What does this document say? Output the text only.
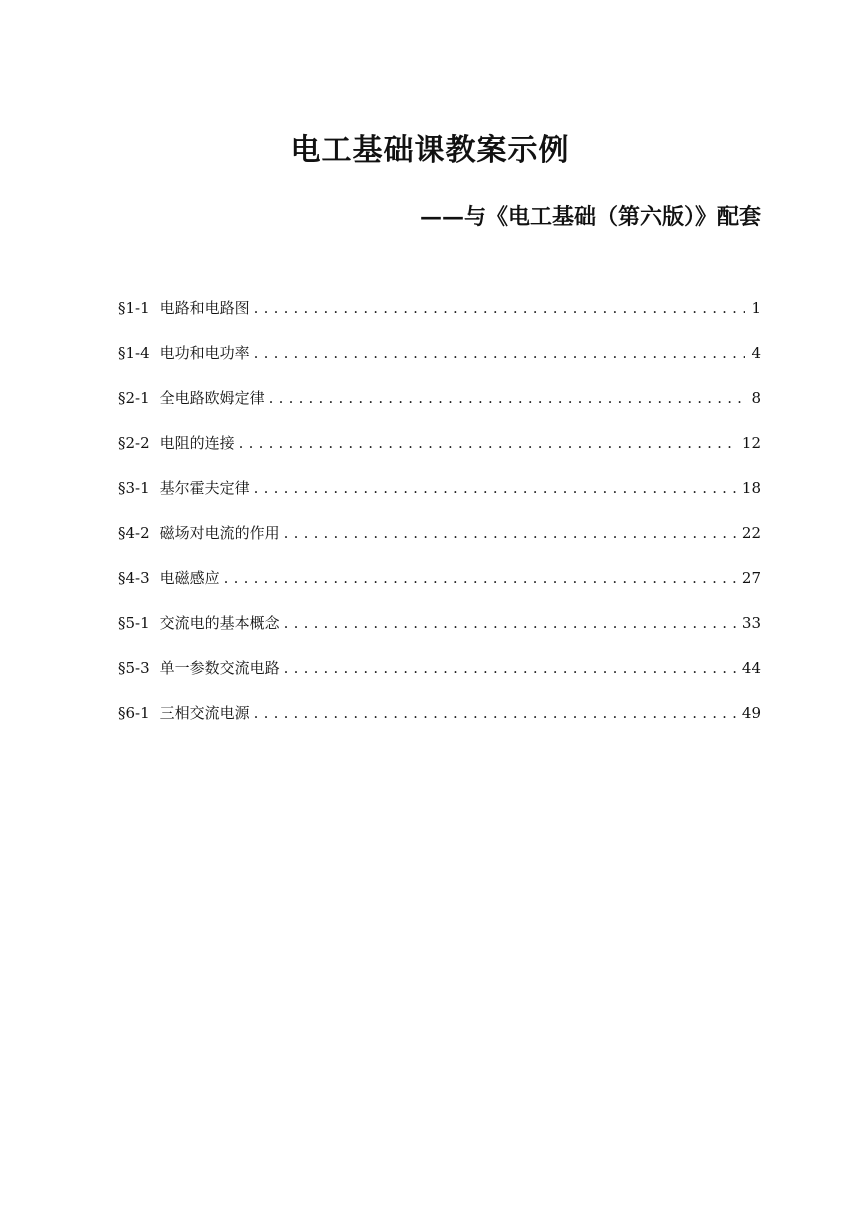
电工基础课教案示例
——与《电工基础（第六版）》配套
§1-1 电路和电路图 .....	1
§1-4 电功和电功率 .....	4
§2-1 全电路欧姆定律 .....	8
§2-2 电阻的连接 .....	12
§3-1 基尔霍夫定律 .....	18
§4-2 磁场对电流的作用 .....	22
§4-3 电磁感应 .....	27
§5-1 交流电的基本概念 .....	33
§5-3 单一参数交流电路 .....	44
§6-1 三相交流电源 .....	49
